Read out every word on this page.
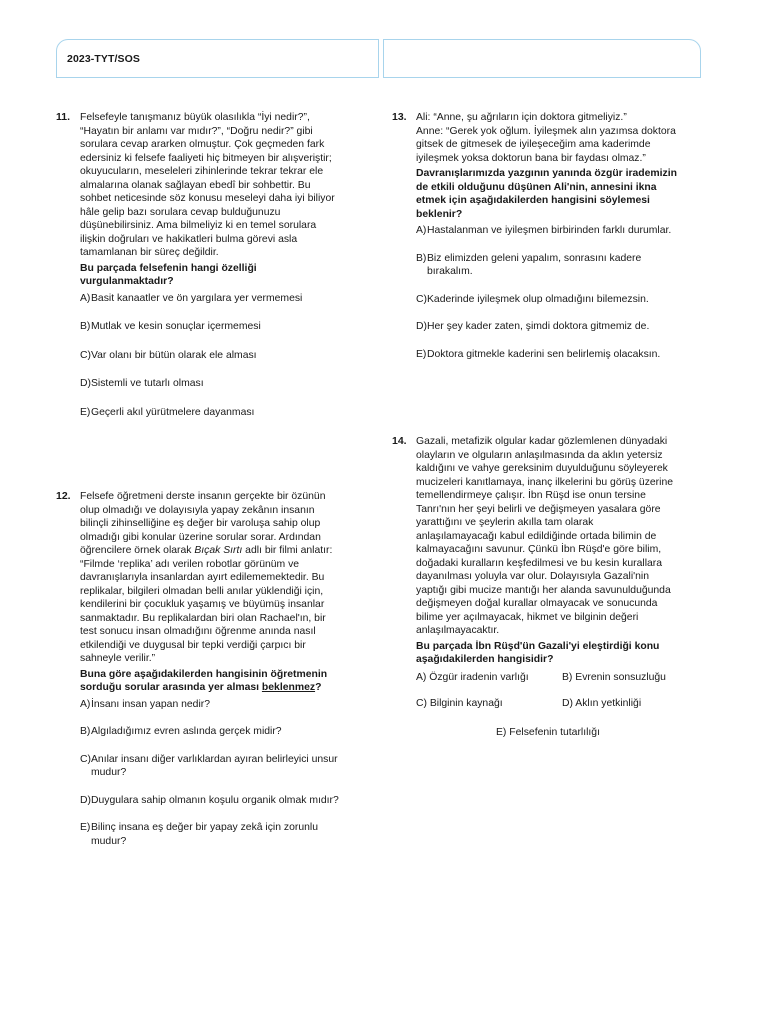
2023-TYT/SOS
11. Felsefeyle tanışmanız büyük olasılıkla “İyi nedir?”,
“Hayatın bir anlamı var mıdır?”, “Doğru nedir?” gibi
sorulara cevap ararken olmuştur. Çok geçmeden fark
edersiniz ki felsefe faaliyeti hiç bitmeyen bir alışveriştir;
okuyucuların, meseleleri zihinlerinde tekrar tekrar ele
almalarına olanak sağlayan ebedî bir sohbettir. Bu
sohbet neticesinde söz konusu meseleyi daha iyi biliyor
hâle gelip bazı sorulara cevap bulduğunuzu
düşünebilirsiniz. Ama bilmeliyiz ki en temel sorulara
ilişkin doğruları ve hakikatleri bulma görevi asla
tamamlanan bir süreç değildir.
Bu parçada felsefenin hangi özelliği
vurgulanmaktadır?
A) Basit kanaatler ve ön yargılara yer vermemesi
B) Mutlak ve kesin sonuçlar içermemesi
C) Var olanı bir bütün olarak ele alması
D) Sistemli ve tutarlı olması
E) Geçerli akıl yürütmelere dayanması
12. Felsefe öğretmeni derste insanın gerçekte bir özünün
olup olmadığı ve dolayısıyla yapay zekânın insanın
bilinçli zihinselliğine eş değer bir varoluşa sahip olup
olmadığı gibi konular üzerine sorular sorar. Ardından
öğrencilere örnek olarak Bıçak Sırtı adlı bir filmi anlatır:
“Filmde ‘replika’ adı verilen robotlar görünüm ve
davranışlarıyla insanlardan ayırt edilememektedir. Bu
replikalar, bilgileri olmadan belli anılar yüklendiği için,
kendilerini bir çocukluk yaşamış ve büyümüş insanlar
sanmaktadır. Bu replikalardan biri olan Rachael'ın, bir
test sonucu insan olmadığını öğrenme anında nasıl
etkilendiği ve duygusal bir tepki verdiği çarpıcı bir
sahneyle verilir.”
Buna göre aşağıdakilerden hangisinin öğretmenin
sorduğu sorular arasında yer alması beklenmez?
A) İnsanı insan yapan nedir?
B) Algıladığımız evren aslında gerçek midir?
C) Anılar insanı diğer varlıklardan ayıran belirleyici unsur
mudur?
D) Duygulara sahip olmanın koşulu organik olmak mıdır?
E) Bilinç insana eş değer bir yapay zekâ için zorunlu
mudur?
13. Ali: “Anne, şu ağrıların için doktora gitmeliyiz.”
Anne: “Gerek yok oğlum. İyileşmek alın yazımsa doktora
gitsek de gitmesek de iyileşeceğim ama kaderimde
iyileşmek yoksa doktorun bana bir faydası olmaz.”
Davranışlarımızda yazgının yanında özgür irademizin
de etkili olduğunu düşünen Ali'nin, annesini ikna
etmek için aşağıdakilerden hangisini söylemesi
beklenir?
A) Hastalanman ve iyileşmen birbirinden farklı durumlar.
B) Biz elimizden geleni yapalım, sonrasını kadere
bırakalım.
C) Kaderinde iyileşmek olup olmadığını bilemezsin.
D) Her şey kader zaten, şimdi doktora gitmemiz de.
E) Doktora gitmekle kaderini sen belirlemiş olacaksın.
14. Gazali, metafizik olgular kadar gözlemlenen dünyadaki
olayların ve olguların anlaşılmasında da aklın yetersiz
kaldığını ve vahye gereksinim duyulduğunu söyleyerek
mucizeleri kanıtlamaya, inanç ilkelerini bu görüş üzerine
temellendirmeye çalışır. İbn Rüşd ise onun tersine
Tanrı'nın her şeyi belirli ve değişmeyen yasalara göre
yarattığını ve şeylerin akılla tam olarak
anlaşılamayacağı kabul edildiğinde ortada bilimin de
kalmayacağını savunur. Çünkü İbn Rüşd'e göre bilim,
doğadaki kuralların keşfedilmesi ve bu kesin kurallara
dayanılması yoluyla var olur. Dolayısıyla Gazali'nin
yaptığı gibi mucize mantığı her alanda savunulduğunda
değişmeyen doğal kurallar olmayacak ve sonucunda
bilime yer açılmayacak, hikmet ve bilginin değeri
anlaşılmayacaktır.
Bu parçada İbn Rüşd'ün Gazali'yi eleştirdiği konu
aşağıdakilerden hangisidir?
A) Özgür iradenin varlığı	B) Evrenin sonsuzluğu
C) Bilginin kaynağı	D) Aklın yetkinliği
E) Felsefenin tutarlılığı
